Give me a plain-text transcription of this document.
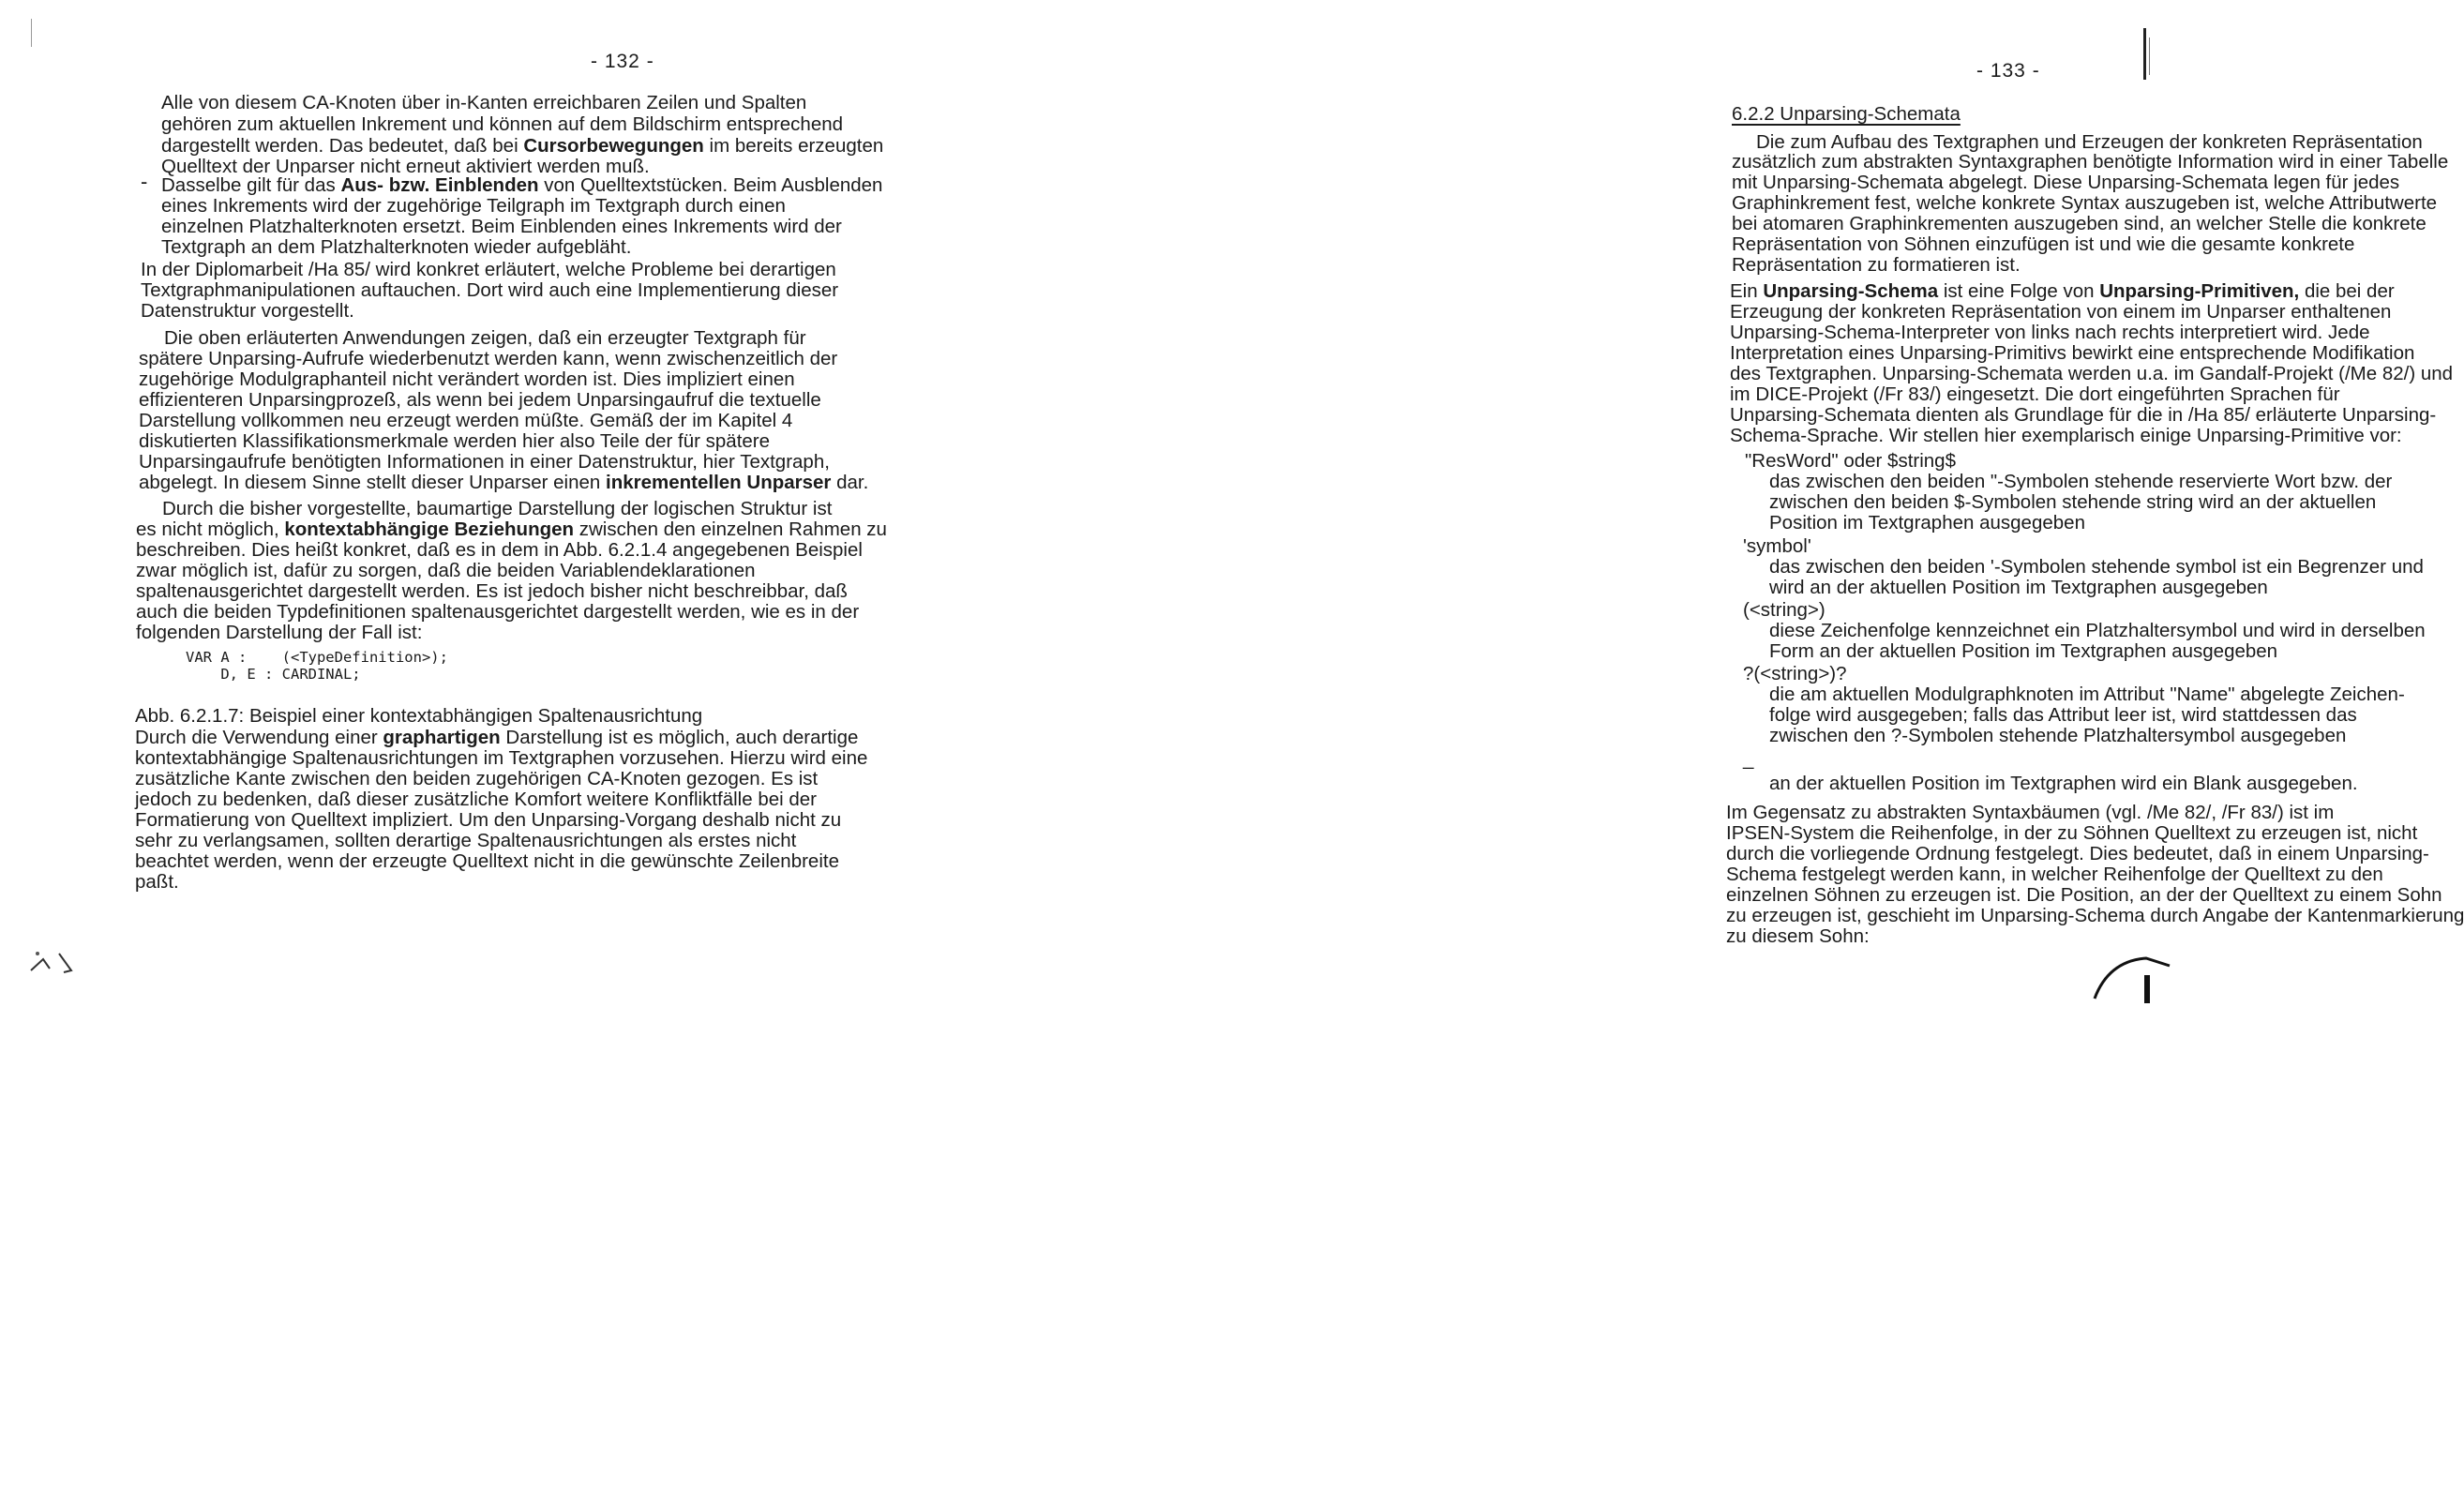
- 132 -
Alle von diesem CA-Knoten über in-Kanten erreichbaren Zeilen und Spalten
gehören zum aktuellen Inkrement und können auf dem Bildschirm entsprechend
dargestellt werden. Das bedeutet, daß bei Cursorbewegungen im bereits erzeugten
Quelltext der Unparser nicht erneut aktiviert werden muß.
- Dasselbe gilt für das Aus- bzw. Einblenden von Quelltextstücken. Beim Ausblenden
eines Inkrements wird der zugehörige Teilgraph im Textgraph durch einen
einzelnen Platzhalterknoten ersetzt. Beim Einblenden eines Inkrements wird der
Textgraph an dem Platzhalterknoten wieder aufgebläht.
In der Diplomarbeit /Ha 85/ wird konkret erläutert, welche Probleme bei derartigen
Textgraphmanipulationen auftauchen. Dort wird auch eine Implementierung dieser
Datenstruktur vorgestellt.
Die oben erläuterten Anwendungen zeigen, daß ein erzeugter Textgraph für
spätere Unparsing-Aufrufe wiederbenutzt werden kann, wenn zwischenzeitlich der
zugehörige Modulgraphanteil nicht verändert worden ist. Dies impliziert einen
effizienteren Unparsingprozeß, als wenn bei jedem Unparsingaufruf die textuelle
Darstellung vollkommen neu erzeugt werden müßte. Gemäß der im Kapitel 4
diskutierten Klassifikationsmerkmale werden hier also Teile der für spätere
Unparsingaufrufe benötigten Informationen in einer Datenstruktur, hier Textgraph,
abgelegt. In diesem Sinne stellt dieser Unparser einen inkrementellen Unparser dar.
Durch die bisher vorgestellte, baumartige Darstellung der logischen Struktur ist
es nicht möglich, kontextabhängige Beziehungen zwischen den einzelnen Rahmen zu
beschreiben. Dies heißt konkret, daß es in dem in Abb. 6.2.1.4 angegebenen Beispiel
zwar möglich ist, dafür zu sorgen, daß die beiden Variablendeklarationen
spaltenausgerichtet dargestellt werden. Es ist jedoch bisher nicht beschreibbar, daß
auch die beiden Typdefinitionen spaltenausgerichtet dargestellt werden, wie es in der
folgenden Darstellung der Fall ist:
VAR A :    (<TypeDefinition>);
D, E : CARDINAL;
Abb. 6.2.1.7: Beispiel einer kontextabhängigen Spaltenausrichtung
Durch die Verwendung einer graphartigen Darstellung ist es möglich, auch derartige
kontextabhängige Spaltenausrichtungen im Textgraphen vorzusehen. Hierzu wird eine
zusätzliche Kante zwischen den beiden zugehörigen CA-Knoten gezogen. Es ist
jedoch zu bedenken, daß dieser zusätzliche Komfort weitere Konfliktfälle bei der
Formatierung von Quelltext impliziert. Um den Unparsing-Vorgang deshalb nicht zu
sehr zu verlangsamen, sollten derartige Spaltenausrichtungen als erstes nicht
beachtet werden, wenn der erzeugte Quelltext nicht in die gewünschte Zeilenbreite
paßt.
- 133 -
6.2.2 Unparsing-Schemata
Die zum Aufbau des Textgraphen und Erzeugen der konkreten Repräsentation
zusätzlich zum abstrakten Syntaxgraphen benötigte Information wird in einer Tabelle
mit Unparsing-Schemata abgelegt. Diese Unparsing-Schemata legen für jedes
Graphinkrement fest, welche konkrete Syntax auszugeben ist, welche Attributwerte
bei atomaren Graphinkrementen auszugeben sind, an welcher Stelle die konkrete
Repräsentation von Söhnen einzufügen ist und wie die gesamte konkrete
Repräsentation zu formatieren ist.
Ein Unparsing-Schema ist eine Folge von Unparsing-Primitiven, die bei der
Erzeugung der konkreten Repräsentation von einem im Unparser enthaltenen
Unparsing-Schema-Interpreter von links nach rechts interpretiert wird. Jede
Interpretation eines Unparsing-Primitivs bewirkt eine entsprechende Modifikation
des Textgraphen. Unparsing-Schemata werden u.a. im Gandalf-Projekt (/Me 82/) und
im DICE-Projekt (/Fr 83/) eingesetzt. Die dort eingeführten Sprachen für
Unparsing-Schemata dienten als Grundlage für die in /Ha 85/ erläuterte Unparsing-
Schema-Sprache. Wir stellen hier exemplarisch einige Unparsing-Primitive vor:
"ResWord" oder $string$
das zwischen den beiden "-Symbolen stehende reservierte Wort bzw. der
zwischen den beiden $-Symbolen stehende string wird an der aktuellen
Position im Textgraphen ausgegeben
'symbol'
das zwischen den beiden '-Symbolen stehende symbol ist ein Begrenzer und
wird an der aktuellen Position im Textgraphen ausgegeben
(<string>)
diese Zeichenfolge kennzeichnet ein Platzhaltersymbol und wird in derselben
Form an der aktuellen Position im Textgraphen ausgegeben
?(<string>)?
die am aktuellen Modulgraphknoten im Attribut "Name" abgelegte Zeichen-
folge wird ausgegeben; falls das Attribut leer ist, wird stattdessen das
zwischen den ?-Symbolen stehende Platzhaltersymbol ausgegeben
_
an der aktuellen Position im Textgraphen wird ein Blank ausgegeben.
Im Gegensatz zu abstrakten Syntaxbäumen (vgl. /Me 82/, /Fr 83/) ist im
IPSEN-System die Reihenfolge, in der zu Söhnen Quelltext zu erzeugen ist, nicht
durch die vorliegende Ordnung festgelegt. Dies bedeutet, daß in einem Unparsing-
Schema festgelegt werden kann, in welcher Reihenfolge der Quelltext zu den
einzelnen Söhnen zu erzeugen ist. Die Position, an der der Quelltext zu einem Sohn
zu erzeugen ist, geschieht im Unparsing-Schema durch Angabe der Kantenmarkierung
zu diesem Sohn:
